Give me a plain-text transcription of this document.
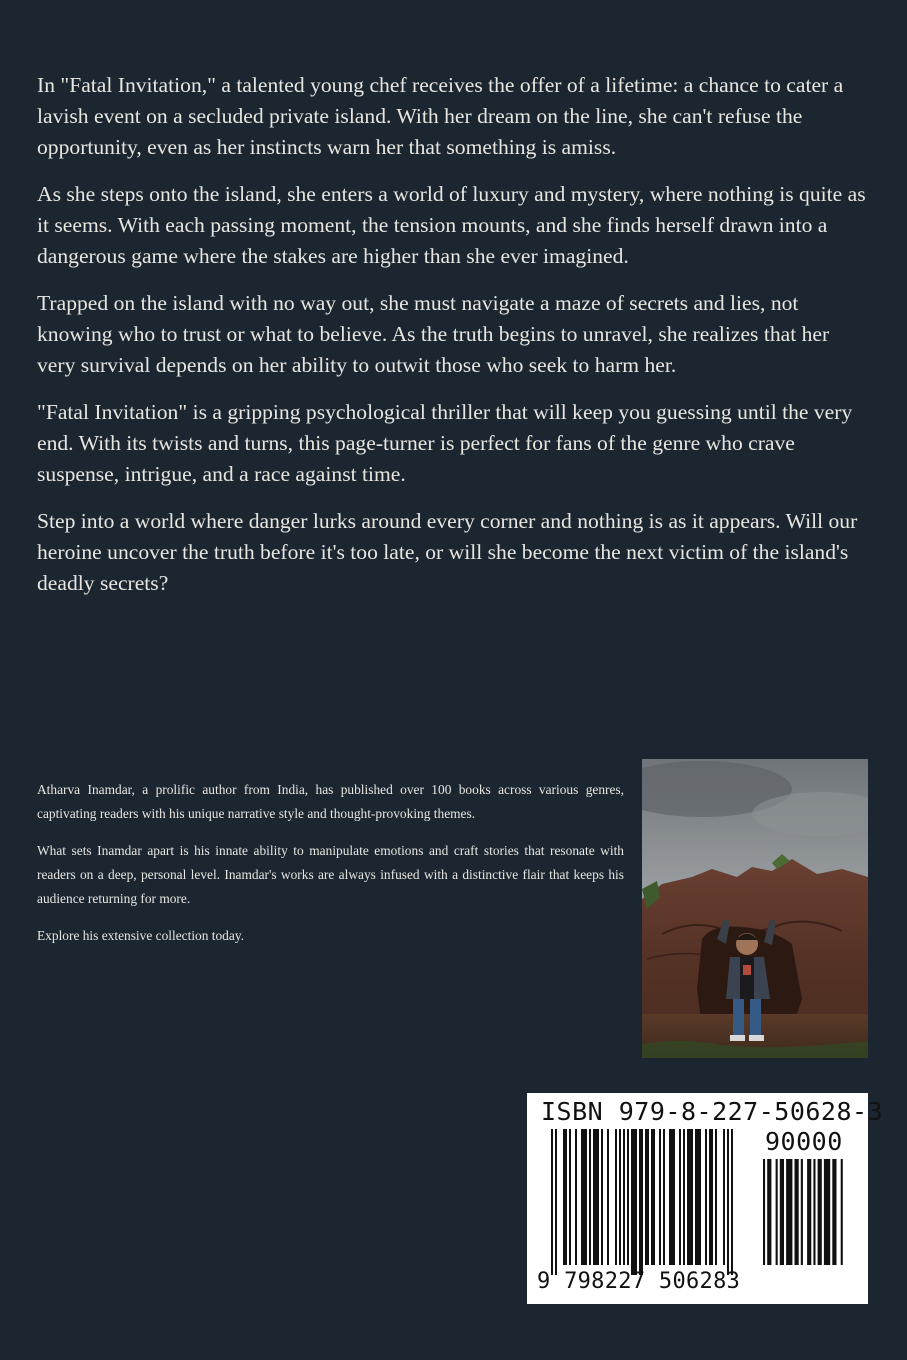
In "Fatal Invitation," a talented young chef receives the offer of a lifetime: a chance to cater a lavish event on a secluded private island. With her dream on the line, she can't refuse the opportunity, even as her instincts warn her that something is amiss.

As she steps onto the island, she enters a world of luxury and mystery, where nothing is quite as it seems. With each passing moment, the tension mounts, and she finds herself drawn into a dangerous game where the stakes are higher than she ever imagined.

Trapped on the island with no way out, she must navigate a maze of secrets and lies, not knowing who to trust or what to believe. As the truth begins to unravel, she realizes that her very survival depends on her ability to outwit those who seek to harm her.

"Fatal Invitation" is a gripping psychological thriller that will keep you guessing until the very end. With its twists and turns, this page-turner is perfect for fans of the genre who crave suspense, intrigue, and a race against time.

Step into a world where danger lurks around every corner and nothing is as it appears. Will our heroine uncover the truth before it's too late, or will she become the next victim of the island's deadly secrets?

Atharva Inamdar, a prolific author from India, has published over 100 books across various genres, captivating readers with his unique narrative style and thought-provoking themes.

What sets Inamdar apart is his innate ability to manipulate emotions and craft stories that resonate with readers on a deep, personal level. Inamdar's works are always infused with a distinctive flair that keeps his audience returning for more.

Explore his extensive collection today.

ISBN 979-8-227-50628-3
90000
9 798227 506283
